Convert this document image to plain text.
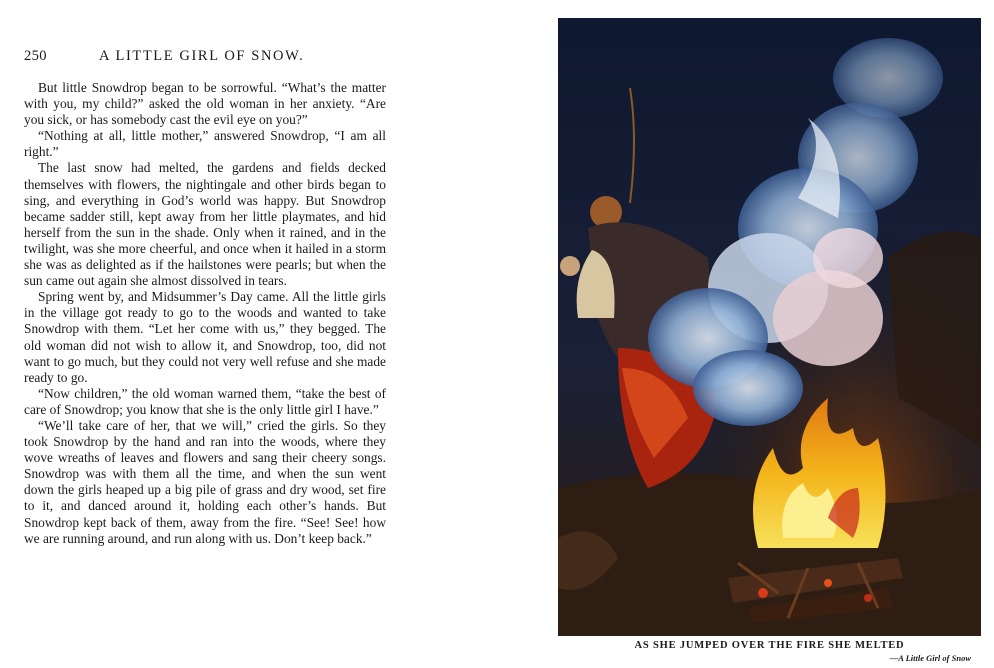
250	A LITTLE GIRL OF SNOW.

But little Snowdrop began to be sorrowful. “What’s the matter with you, my child?” asked the old woman in her anxiety. “Are you sick, or has somebody cast the evil eye on you?”

“Nothing at all, little mother,” answered Snowdrop, “I am all right.”

The last snow had melted, the gardens and fields decked themselves with flowers, the nightingale and other birds began to sing, and everything in God’s world was happy. But Snowdrop became sadder still, kept away from her little playmates, and hid herself from the sun in the shade. Only when it rained, and in the twilight, was she more cheerful, and once when it hailed in a storm she was as delighted as if the hailstones were pearls; but when the sun came out again she almost dissolved in tears.

Spring went by, and Midsummer’s Day came. All the little girls in the village got ready to go to the woods and wanted to take Snowdrop with them. “Let her come with us,” they begged. The old woman did not wish to allow it, and Snowdrop, too, did not want to go much, but they could not very well refuse and she made ready to go.

“Now children,” the old woman warned them, “take the best of care of Snowdrop; you know that she is the only little girl I have.”

“We’ll take care of her, that we will,” cried the girls. So they took Snowdrop by the hand and ran into the woods, where they wove wreaths of leaves and flowers and sang their cheery songs. Snowdrop was with them all the time, and when the sun went down the girls heaped up a big pile of grass and dry wood, set fire to it, and danced around it, holding each other’s hands. But Snowdrop kept back of them, away from the fire. “See! See! how we are running around, and run along with us. Don’t keep back.”

AS SHE JUMPED OVER THE FIRE SHE MELTED
—A Little Girl of Snow
